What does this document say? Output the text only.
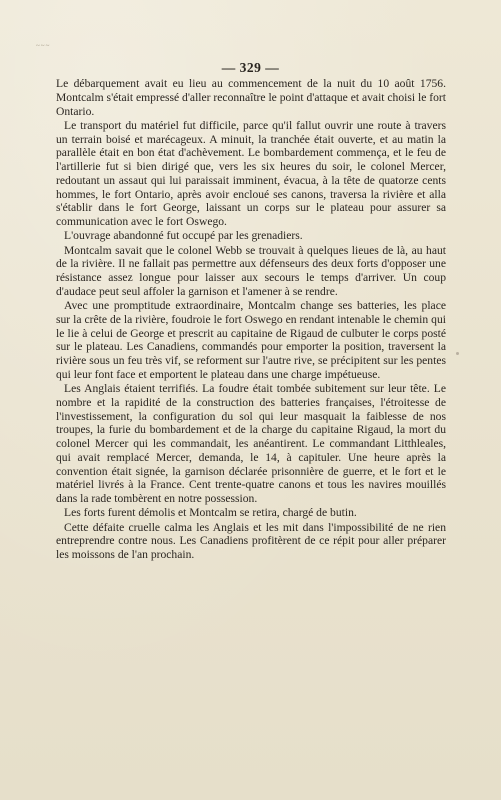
~~~
— 329 —

Le débarquement avait eu lieu au commencement de la nuit du 10 août 1756. Montcalm s'était empressé d'aller reconnaître le point d'attaque et avait choisi le fort Ontario.

Le transport du matériel fut difficile, parce qu'il fallut ouvrir une route à travers un terrain boisé et marécageux. A minuit, la tranchée était ouverte, et au matin la parallèle était en bon état d'achèvement. Le bombardement commença, et le feu de l'artillerie fut si bien dirigé que, vers les six heures du soir, le colonel Mercer, redoutant un assaut qui lui paraissait imminent, évacua, à la tête de quatorze cents hommes, le fort Ontario, après avoir encloué ses canons, traversa la rivière et alla s'établir dans le fort George, laissant un corps sur le plateau pour assurer sa communication avec le fort Oswego.

L'ouvrage abandonné fut occupé par les grenadiers.

Montcalm savait que le colonel Webb se trouvait à quelques lieues de là, au haut de la rivière. Il ne fallait pas permettre aux défenseurs des deux forts d'opposer une résistance assez longue pour laisser aux secours le temps d'arriver. Un coup d'audace peut seul affoler la garnison et l'amener à se rendre.

Avec une promptitude extraordinaire, Montcalm change ses batteries, les place sur la crête de la rivière, foudroie le fort Oswego en rendant intenable le chemin qui le lie à celui de George et prescrit au capitaine de Rigaud de culbuter le corps posté sur le plateau. Les Canadiens, commandés pour emporter la position, traversent la rivière sous un feu très vif, se reforment sur l'autre rive, se précipitent sur les pentes qui leur font face et emportent le plateau dans une charge impétueuse.

Les Anglais étaient terrifiés. La foudre était tombée subitement sur leur tête. Le nombre et la rapidité de la construction des batteries françaises, l'étroitesse de l'investissement, la configuration du sol qui leur masquait la faiblesse de nos troupes, la furie du bombardement et de la charge du capitaine Rigaud, la mort du colonel Mercer qui les commandait, les anéantirent. Le commandant Litthleales, qui avait remplacé Mercer, demanda, le 14, à capituler. Une heure après la convention était signée, la garnison déclarée prisonnière de guerre, et le fort et le matériel livrés à la France. Cent trente-quatre canons et tous les navires mouillés dans la rade tombèrent en notre possession.

Les forts furent démolis et Montcalm se retira, chargé de butin.

Cette défaite cruelle calma les Anglais et les mit dans l'impossibilité de ne rien entreprendre contre nous. Les Canadiens profitèrent de ce répit pour aller préparer les moissons de l'an prochain.
